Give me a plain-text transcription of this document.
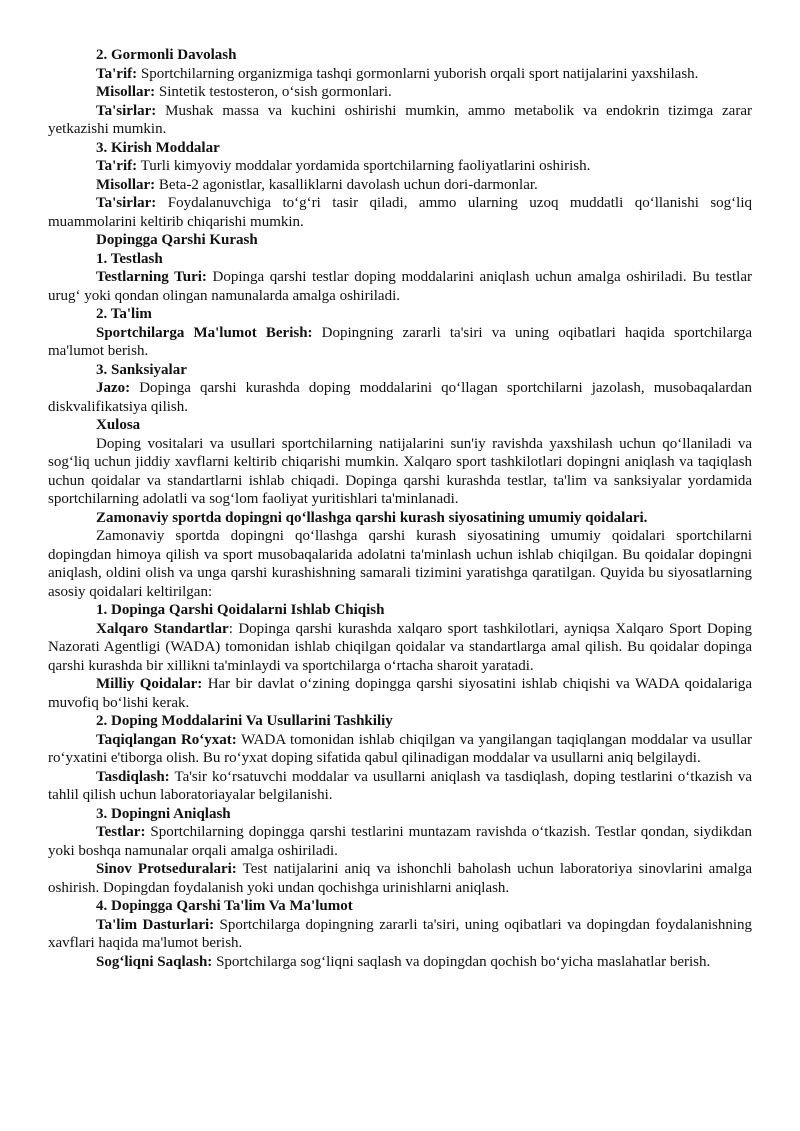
2. Gormonli Davolash

Ta'rif: Sportchilarning organizmiga tashqi gormonlarni yuborish orqali sport natijalarini yaxshilash.

Misollar: Sintetik testosteron, o‘sish gormonlari.

Ta'sirlar: Mushak massa va kuchini oshirishi mumkin, ammo metabolik va endokrin tizimga zarar yetkazishi mumkin.

3. Kirish Moddalar

Ta'rif: Turli kimyoviy moddalar yordamida sportchilarning faoliyatlarini oshirish.

Misollar: Beta-2 agonistlar, kasalliklarni davolash uchun dori-darmonlar.

Ta'sirlar: Foydalanuvchiga to‘g‘ri tasir qiladi, ammo ularning uzoq muddatli qo‘llanishi sog‘liq muammolarini keltirib chiqarishi mumkin.

Dopingga Qarshi Kurash

1. Testlash

Testlarning Turi: Dopinga qarshi testlar doping moddalarini aniqlash uchun amalga oshiriladi. Bu testlar urug‘ yoki qondan olingan namunalarda amalga oshiriladi.

2. Ta'lim

Sportchilarga Ma'lumot Berish: Dopingning zararli ta'siri va uning oqibatlari haqida sportchilarga ma'lumot berish.

3. Sanksiyalar

Jazo: Dopinga qarshi kurashda doping moddalarini qo‘llagan sportchilarni jazolash, musobaqalardan diskvalifikatsiya qilish.

Xulosa

Doping vositalari va usullari sportchilarning natijalarini sun'iy ravishda yaxshilash uchun qo‘llaniladi va sog‘liq uchun jiddiy xavflarni keltirib chiqarishi mumkin. Xalqaro sport tashkilotlari dopingni aniqlash va taqiqlash uchun qoidalar va standartlarni ishlab chiqadi. Dopinga qarshi kurashda testlar, ta'lim va sanksiyalar yordamida sportchilarning adolatli va sog‘lom faoliyat yuritishlari ta'minlanadi.

Zamonaviy sportda dopingni qo‘llashga qarshi kurash siyosatining umumiy qoidalari.

Zamonaviy sportda dopingni qo‘llashga qarshi kurash siyosatining umumiy qoidalari sportchilarni dopingdan himoya qilish va sport musobaqalarida adolatni ta'minlash uchun ishlab chiqilgan. Bu qoidalar dopingni aniqlash, oldini olish va unga qarshi kurashishning samarali tizimini yaratishga qaratilgan. Quyida bu siyosatlarning asosiy qoidalari keltirilgan:

1. Dopinga Qarshi Qoidalarni Ishlab Chiqish

Xalqaro Standartlar: Dopinga qarshi kurashda xalqaro sport tashkilotlari, ayniqsa Xalqaro Sport Doping Nazorati Agentligi (WADA) tomonidan ishlab chiqilgan qoidalar va standartlarga amal qilish. Bu qoidalar dopinga qarshi kurashda bir xillikni ta'minlaydi va sportchilarga o‘rtacha sharoit yaratadi.

Milliy Qoidalar: Har bir davlat o‘zining dopingga qarshi siyosatini ishlab chiqishi va WADA qoidalariga muvofiq bo‘lishi kerak.

2. Doping Moddalarini Va Usullarini Tashkiliy

Taqiqlangan Ro‘yxat: WADA tomonidan ishlab chiqilgan va yangilangan taqiqlangan moddalar va usullar ro‘yxatini e'tiborga olish. Bu ro‘yxat doping sifatida qabul qilinadigan moddalar va usullarni aniq belgilaydi.

Tasdiqlash: Ta'sir ko‘rsatuvchi moddalar va usullarni aniqlash va tasdiqlash, doping testlarini o‘tkazish va tahlil qilish uchun laboratoriayalar belgilanishi.

3. Dopingni Aniqlash

Testlar: Sportchilarning dopingga qarshi testlarini muntazam ravishda o‘tkazish. Testlar qondan, siydikdan yoki boshqa namunalar orqali amalga oshiriladi.

Sinov Protseduralari: Test natijalarini aniq va ishonchli baholash uchun laboratoriya sinovlarini amalga oshirish. Dopingdan foydalanish yoki undan qochishga urinishlarni aniqlash.

4. Dopingga Qarshi Ta'lim Va Ma'lumot

Ta'lim Dasturlari: Sportchilarga dopingning zararli ta'siri, uning oqibatlari va dopingdan foydalanishning xavflari haqida ma'lumot berish.

Sog‘liqni Saqlash: Sportchilarga sog‘liqni saqlash va dopingdan qochish bo‘yicha maslahatlar berish.
